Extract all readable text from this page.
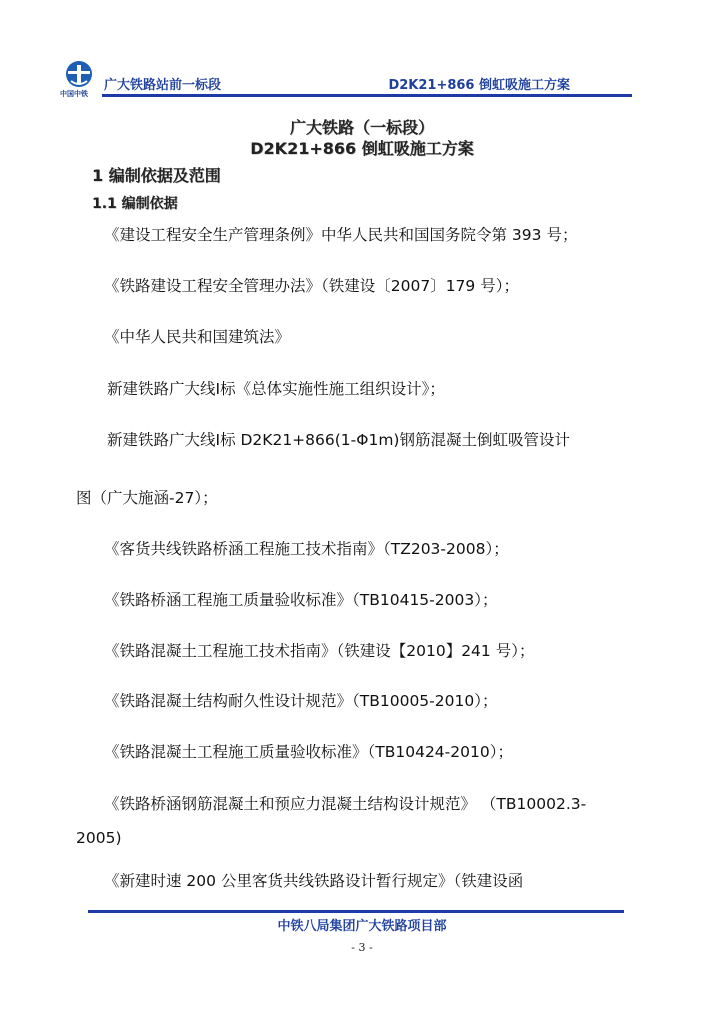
中国中铁
广大铁路站前一标段	D2K21+866 倒虹吸施工方案
广大铁路（一标段）
D2K21+866 倒虹吸施工方案
1 编制依据及范围
1.1 编制依据
《建设工程安全生产管理条例》中华人民共和国国务院令第 393 号；
《铁路建设工程安全管理办法》（铁建设〔2007〕179 号）；
《中华人民共和国建筑法》
新建铁路广大线Ⅰ标《总体实施性施工组织设计》；
新建铁路广大线Ⅰ标 D2K21+866(1-Φ1m)钢筋混凝土倒虹吸管设计
图（广大施涵-27）；
《客货共线铁路桥涵工程施工技术指南》（TZ203-2008）；
《铁路桥涵工程施工质量验收标准》（TB10415-2003）；
《铁路混凝土工程施工技术指南》（铁建设【2010】241 号）；
《铁路混凝土结构耐久性设计规范》（TB10005-2010）；
《铁路混凝土工程施工质量验收标准》（TB10424-2010）；
《铁路桥涵钢筋混凝土和预应力混凝土结构设计规范》 （TB10002.3-
2005)
《新建时速 200 公里客货共线铁路设计暂行规定》（铁建设函
中铁八局集团广大铁路项目部
- 3 -
